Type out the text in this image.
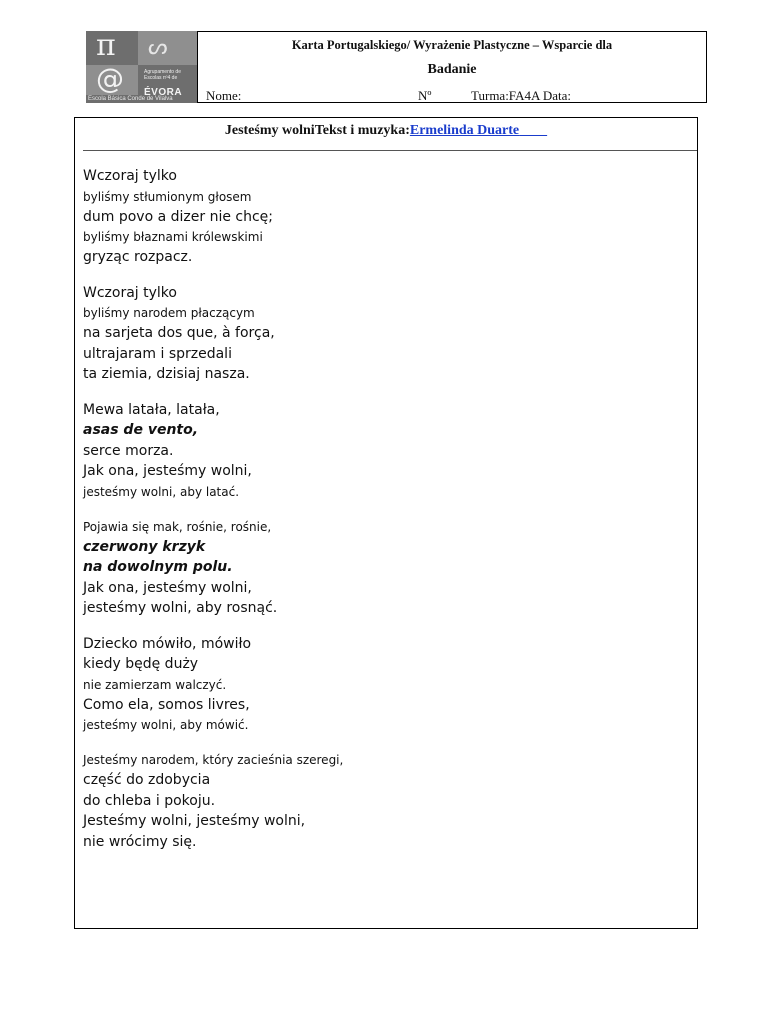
π ᔕ
@	Agrupamento de Escolas nº4 de
ÉVORA
Escola Básica Conde de Vilalva
Karta Portugalskiego/ Wyrażenie Plastyczne – Wsparcie dla
Badanie
Nome:	Nº	Turma:FA4A Data:
Jesteśmy wolniTekst i muzyka:Ermelinda Duarte
Wczoraj tylko
byliśmy stłumionym głosem
dum povo a dizer nie chcę;
byliśmy błaznami królewskimi
gryząc rozpacz.
Wczoraj tylko
byliśmy narodem płaczącym
na sarjeta dos que, à força,
ultrajaram i sprzedali
ta ziemia, dzisiaj nasza.
Mewa latała, latała,
asas de vento,
serce morza.
Jak ona, jesteśmy wolni,
jesteśmy wolni, aby latać.
Pojawia się mak, rośnie, rośnie,
czerwony krzyk
na dowolnym polu.
Jak ona, jesteśmy wolni,
jesteśmy wolni, aby rosnąć.
Dziecko mówiło, mówiło
kiedy będę duży
nie zamierzam walczyć.
Como ela, somos livres,
jesteśmy wolni, aby mówić.
Jesteśmy narodem, który zacieśnia szeregi,
część do zdobycia
do chleba i pokoju.
Jesteśmy wolni, jesteśmy wolni,
nie wrócimy się.
